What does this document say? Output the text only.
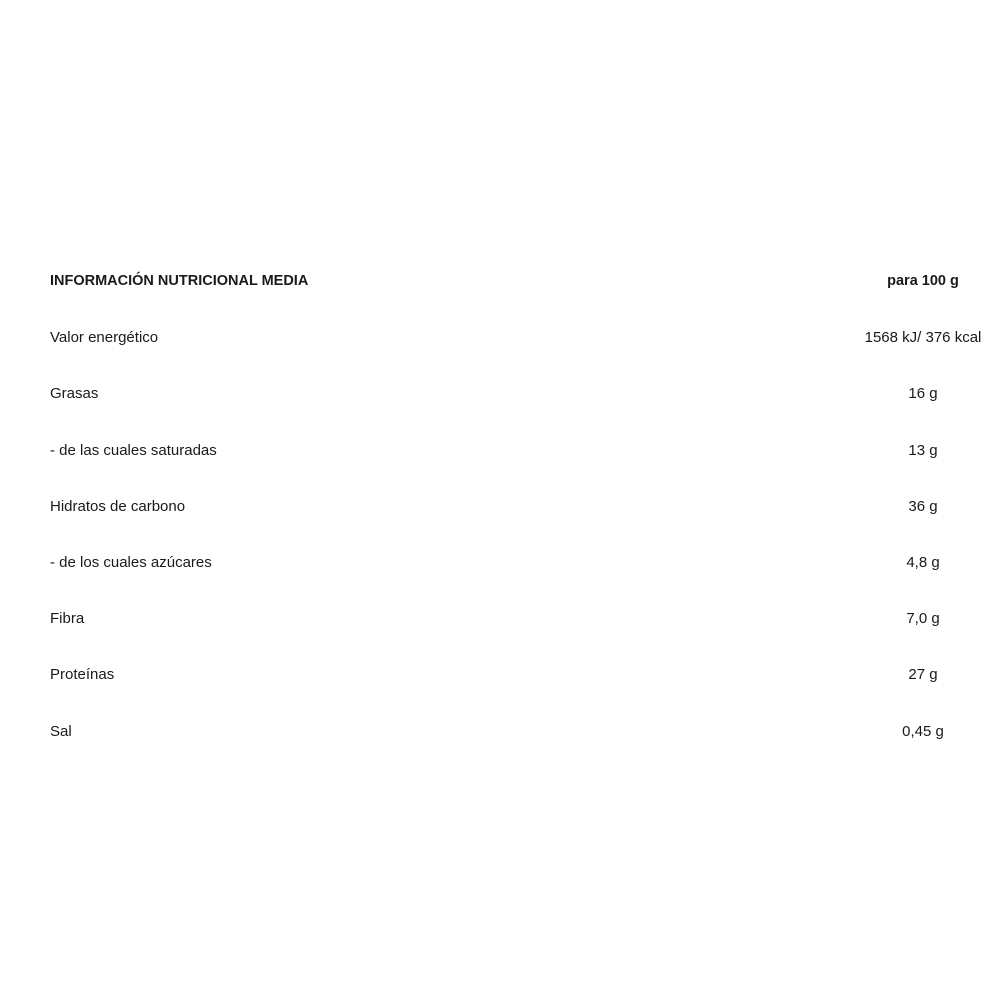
INFORMACIÓN NUTRICIONAL MEDIA	para 100 g
Valor energético	1568 kJ/ 376 kcal
Grasas	16 g
- de las cuales saturadas	13 g
Hidratos de carbono	36 g
- de los cuales azúcares	4,8 g
Fibra	7,0 g
Proteínas	27 g
Sal	0,45 g
